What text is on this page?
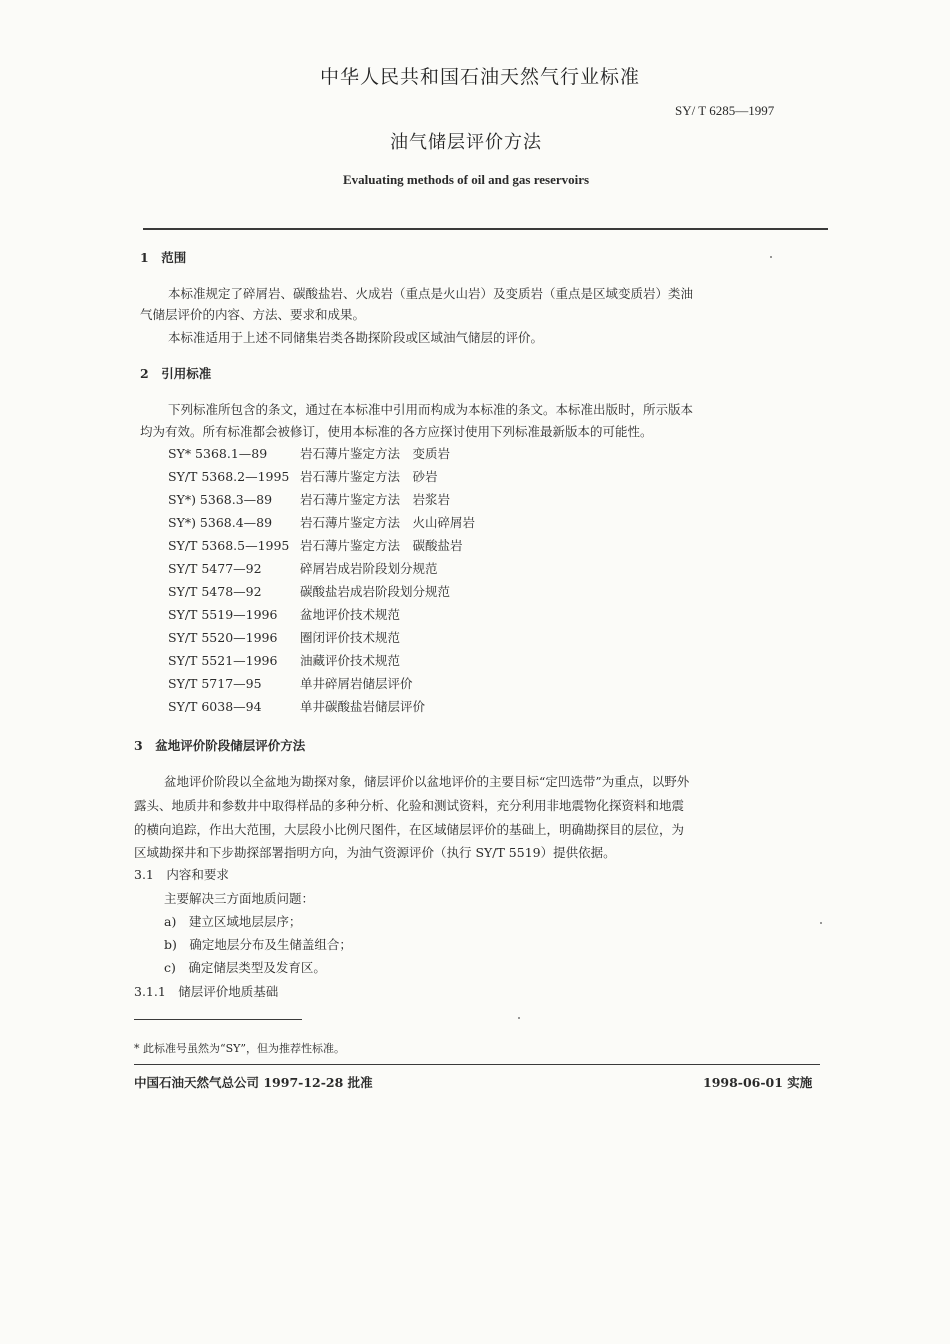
中华人民共和国石油天然气行业标准
SY/ T 6285—1997
油气储层评价方法
Evaluating methods of oil and gas reservoirs
1　范围
本标准规定了碎屑岩、碳酸盐岩、火成岩（重点是火山岩）及变质岩（重点是区域变质岩）类油
气储层评价的内容、方法、要求和成果。
本标准适用于上述不同储集岩类各勘探阶段或区域油气储层的评价。
2　引用标准
下列标准所包含的条文，通过在本标准中引用而构成为本标准的条文。本标准出版时，所示版本
均为有效。所有标准都会被修订，使用本标准的各方应探讨使用下列标准最新版本的可能性。
SY* 5368.1—89	岩石薄片鉴定方法　变质岩
SY/T 5368.2—1995 岩石薄片鉴定方法　砂岩
SY*) 5368.3—89 岩石薄片鉴定方法　岩浆岩
SY*) 5368.4—89 岩石薄片鉴定方法　火山碎屑岩
SY/T 5368.5—1995 岩石薄片鉴定方法　碳酸盐岩
SY/T 5477—92	碎屑岩成岩阶段划分规范
SY/T 5478—92	碳酸盐岩成岩阶段划分规范
SY/T 5519—1996 盆地评价技术规范
SY/T 5520—1996 圈闭评价技术规范
SY/T 5521—1996 油藏评价技术规范
SY/T 5717—95	单井碎屑岩储层评价
SY/T 6038—94	单井碳酸盐岩储层评价
3　盆地评价阶段储层评价方法
盆地评价阶段以全盆地为勘探对象，储层评价以盆地评价的主要目标“定凹选带”为重点，以野外
露头、地质井和参数井中取得样品的多种分析、化验和测试资料，充分利用非地震物化探资料和地震
的横向追踪，作出大范围，大层段小比例尺图件，在区域储层评价的基础上，明确勘探目的层位，为
区域勘探井和下步勘探部署指明方向，为油气资源评价（执行 SY/T 5519）提供依据。
3.1　内容和要求
主要解决三方面地质问题：
a)　建立区域地层层序；
b)　确定地层分布及生储盖组合；
c)　确定储层类型及发育区。
3.1.1　储层评价地质基础
* 此标准号虽然为“SY”，但为推荐性标准。
中国石油天然气总公司 1997-12-28 批准	1998-06-01 实施
